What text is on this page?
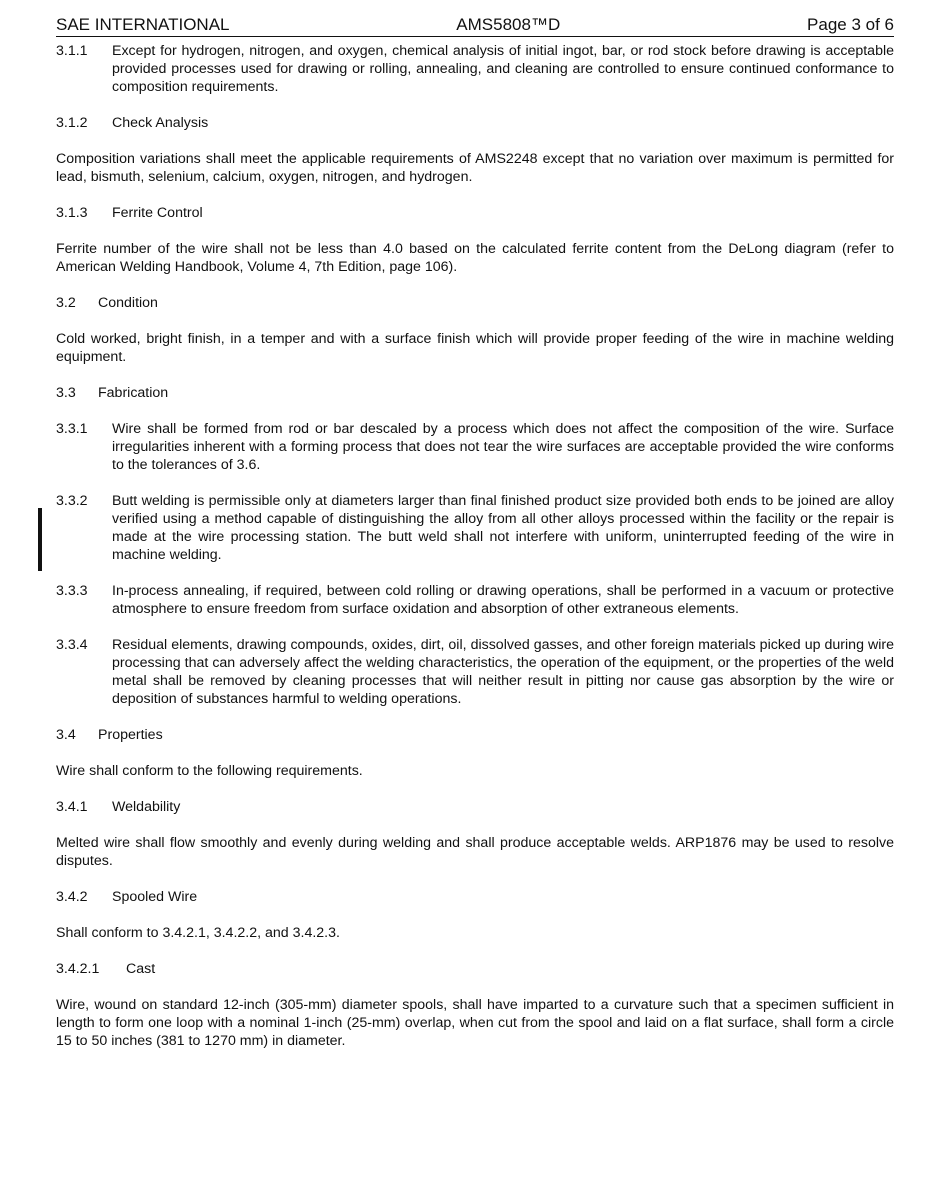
SAE INTERNATIONAL	AMS5808™D	Page 3 of 6
3.1.1	Except for hydrogen, nitrogen, and oxygen, chemical analysis of initial ingot, bar, or rod stock before drawing is acceptable provided processes used for drawing or rolling, annealing, and cleaning are controlled to ensure continued conformance to composition requirements.
3.1.2	Check Analysis

Composition variations shall meet the applicable requirements of AMS2248 except that no variation over maximum is permitted for lead, bismuth, selenium, calcium, oxygen, nitrogen, and hydrogen.

3.1.3	Ferrite Control

Ferrite number of the wire shall not be less than 4.0 based on the calculated ferrite content from the DeLong diagram (refer to American Welding Handbook, Volume 4, 7th Edition, page 106).

3.2	Condition

Cold worked, bright finish, in a temper and with a surface finish which will provide proper feeding of the wire in machine welding equipment.

3.3	Fabrication
3.3.1	Wire shall be formed from rod or bar descaled by a process which does not affect the composition of the wire. Surface irregularities inherent with a forming process that does not tear the wire surfaces are acceptable provided the wire conforms to the tolerances of 3.6.
3.3.2	Butt welding is permissible only at diameters larger than final finished product size provided both ends to be joined are alloy verified using a method capable of distinguishing the alloy from all other alloys processed within the facility or the repair is made at the wire processing station. The butt weld shall not interfere with uniform, uninterrupted feeding of the wire in machine welding.
3.3.3	In-process annealing, if required, between cold rolling or drawing operations, shall be performed in a vacuum or protective atmosphere to ensure freedom from surface oxidation and absorption of other extraneous elements.
3.3.4	Residual elements, drawing compounds, oxides, dirt, oil, dissolved gasses, and other foreign materials picked up during wire processing that can adversely affect the welding characteristics, the operation of the equipment, or the properties of the weld metal shall be removed by cleaning processes that will neither result in pitting nor cause gas absorption by the wire or deposition of substances harmful to welding operations.
3.4	Properties

Wire shall conform to the following requirements.

3.4.1	Weldability

Melted wire shall flow smoothly and evenly during welding and shall produce acceptable welds. ARP1876 may be used to resolve disputes.

3.4.2	Spooled Wire

Shall conform to 3.4.2.1, 3.4.2.2, and 3.4.2.3.

3.4.2.1	Cast

Wire, wound on standard 12-inch (305-mm) diameter spools, shall have imparted to a curvature such that a specimen sufficient in length to form one loop with a nominal 1-inch (25-mm) overlap, when cut from the spool and laid on a flat surface, shall form a circle 15 to 50 inches (381 to 1270 mm) in diameter.
